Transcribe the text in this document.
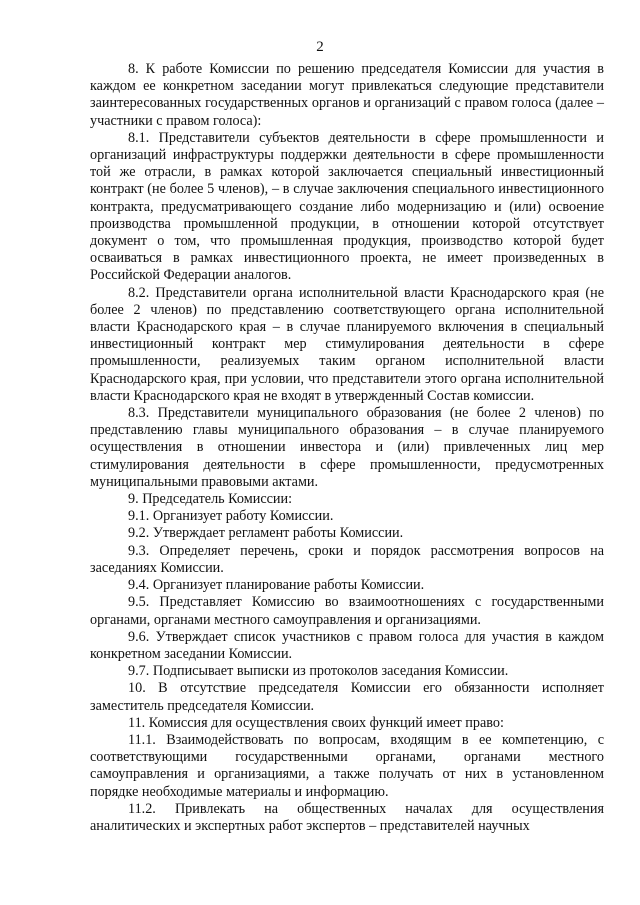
2

8. К работе Комиссии по решению председателя Комиссии для участия в каждом ее конкретном заседании могут привлекаться следующие представители заинтересованных государственных органов и организаций с правом голоса (далее – участники с правом голоса):

8.1. Представители субъектов деятельности в сфере промышленности и организаций инфраструктуры поддержки деятельности в сфере промышленности той же отрасли, в рамках которой заключается специальный инвестиционный контракт (не более 5 членов), – в случае заключения специального инвестиционного контракта, предусматривающего создание либо модернизацию и (или) освоение производства промышленной продукции, в отношении которой отсутствует документ о том, что промышленная продукция, производство которой будет осваиваться в рамках инвестиционного проекта, не имеет произведенных в Российской Федерации аналогов.

8.2. Представители органа исполнительной власти Краснодарского края (не более 2 членов) по представлению соответствующего органа исполнительной власти Краснодарского края – в случае планируемого включения в специальный инвестиционный контракт мер стимулирования деятельности в сфере промышленности, реализуемых таким органом исполнительной власти Краснодарского края, при условии, что представители этого органа исполнительной власти Краснодарского края не входят в утвержденный Состав комиссии.

8.3. Представители муниципального образования (не более 2 членов) по представлению главы муниципального образования – в случае планируемого осуществления в отношении инвестора и (или) привлеченных лиц мер стимулирования деятельности в сфере промышленности, предусмотренных муниципальными правовыми актами.

9. Председатель Комиссии:

9.1. Организует работу Комиссии.

9.2. Утверждает регламент работы Комиссии.

9.3. Определяет перечень, сроки и порядок рассмотрения вопросов на заседаниях Комиссии.

9.4. Организует планирование работы Комиссии.

9.5. Представляет Комиссию во взаимоотношениях с государственными органами, органами местного самоуправления и организациями.

9.6. Утверждает список участников с правом голоса для участия в каждом конкретном заседании Комиссии.

9.7. Подписывает выписки из протоколов заседания Комиссии.

10. В отсутствие председателя Комиссии его обязанности исполняет заместитель председателя Комиссии.

11. Комиссия для осуществления своих функций имеет право:

11.1. Взаимодействовать по вопросам, входящим в ее компетенцию, с соответствующими государственными органами, органами местного самоуправления и организациями, а также получать от них в установленном порядке необходимые материалы и информацию.

11.2. Привлекать на общественных началах для осуществления аналитических и экспертных работ экспертов – представителей научных
